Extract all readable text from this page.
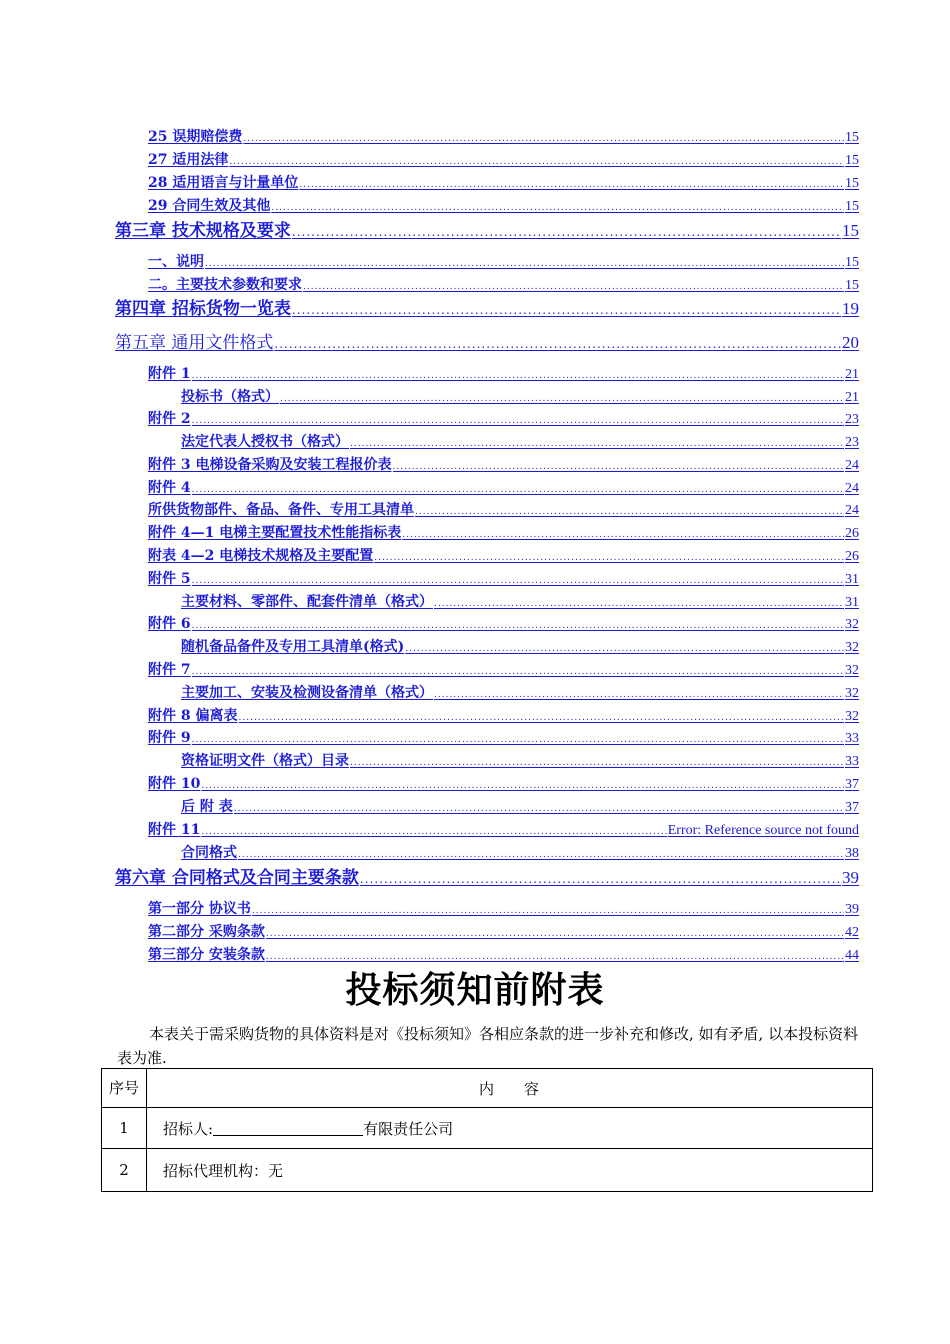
25 误期赔偿费 .....	15
27 适用法律 .....	15
28 适用语言与计量单位 .....	15
29 合同生效及其他 .....	15
第三章 技术规格及要求 .....	15
一、说明 .....	15
二。主要技术参数和要求 .....	15
第四章 招标货物一览表 .....	19
第五章 通用文件格式 .....	20
附件 1 .....	21
投标书（格式） .....	21
附件 2 .....	23
法定代表人授权书（格式） .....	23
附件 3 电梯设备采购及安装工程报价表 .....	24
附件 4 .....	24
所供货物部件、备品、备件、专用工具清单 .....	24
附件 4—1 电梯主要配置技术性能指标表 .....	26
附表 4—2 电梯技术规格及主要配置 .....	26
附件 5 .....	31
主要材料、零部件、配套件清单（格式） .....	31
附件 6 .....	32
随机备品备件及专用工具清单(格式) .....	32
附件 7 .....	32
主要加工、安装及检测设备清单（格式） .....	32
附件 8 偏离表 .....	32
附件 9 .....	33
资格证明文件（格式）目录 .....	33
附件 10 .....	37
后 附 表 .....	37
附件 11 .....	Error: Reference source not found
合同格式 .....	38
第六章 合同格式及合同主要条款 .....	39
第一部分 协议书 .....	39
第二部分 采购条款 .....	42
第三部分 安装条款 .....	44
投标须知前附表
本表关于需采购货物的具体资料是对《投标须知》各相应条款的进一步补充和修改, 如有矛盾, 以本投标资料表为准.
序号	内容
1	招标人: 有限责任公司
2	招标代理机构：无
